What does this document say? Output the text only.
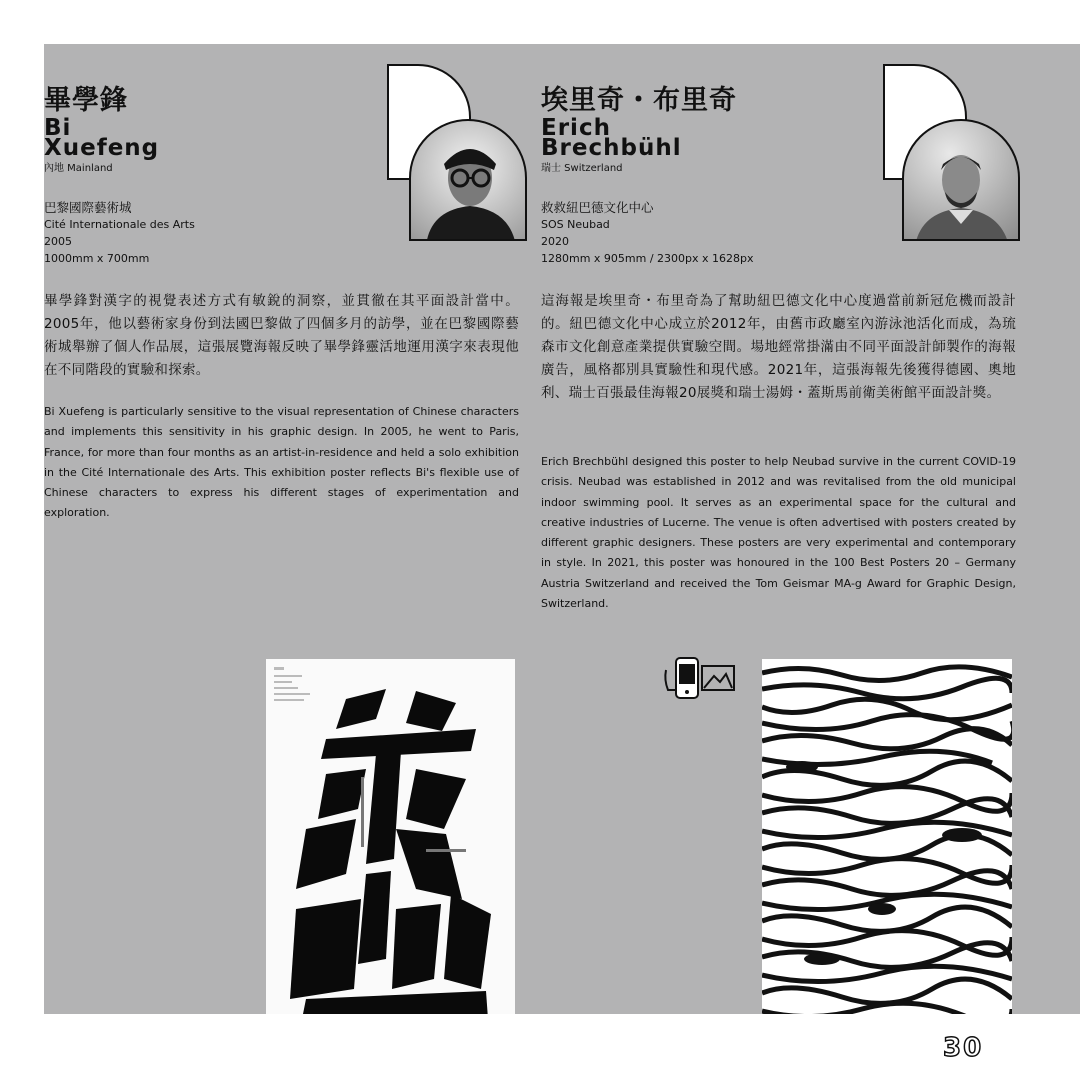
畢學鋒
Bi
Xuefeng
內地 Mainland
巴黎國際藝術城
Cité Internationale des Arts
2005
1000mm x 700mm
畢學鋒對漢字的視覺表述方式有敏銳的洞察，並貫徹在其平面設計當中。2005年，他以藝術家身份到法國巴黎做了四個多月的訪學，並在巴黎國際藝術城舉辦了個人作品展，這張展覽海報反映了畢學鋒靈活地運用漢字來表現他在不同階段的實驗和探索。
Bi Xuefeng is particularly sensitive to the visual representation of Chinese characters and implements this sensitivity in his graphic design. In 2005, he went to Paris, France, for more than four months as an artist-in-residence and held a solo exhibition in the Cité Internationale des Arts. This exhibition poster reflects Bi's flexible use of Chinese characters to express his different stages of experimentation and exploration.
埃里奇・布里奇
Erich
Brechbühl
瑞士 Switzerland
救救紐巴德文化中心
SOS Neubad
2020
1280mm x 905mm / 2300px x 1628px
這海報是埃里奇・布里奇為了幫助紐巴德文化中心度過當前新冠危機而設計的。紐巴德文化中心成立於2012年，由舊市政廳室內游泳池活化而成，為琉森市文化創意產業提供實驗空間。場地經常掛滿由不同平面設計師製作的海報廣告，風格都別具實驗性和現代感。2021年，這張海報先後獲得德國、奧地利、瑞士百張最佳海報20展獎和瑞士湯姆・蓋斯馬前衛美術館平面設計獎。
Erich Brechbühl designed this poster to help Neubad survive in the current COVID-19 crisis. Neubad was established in 2012 and was revitalised from the old municipal indoor swimming pool. It serves as an experimental space for the cultural and creative industries of Lucerne. The venue is often advertised with posters created by different graphic designers. These posters are very experimental and contemporary in style. In 2021, this poster was honoured in the 100 Best Posters 20 – Germany Austria Switzerland and received the Tom Geismar MA-g Award for Graphic Design, Switzerland.
30
